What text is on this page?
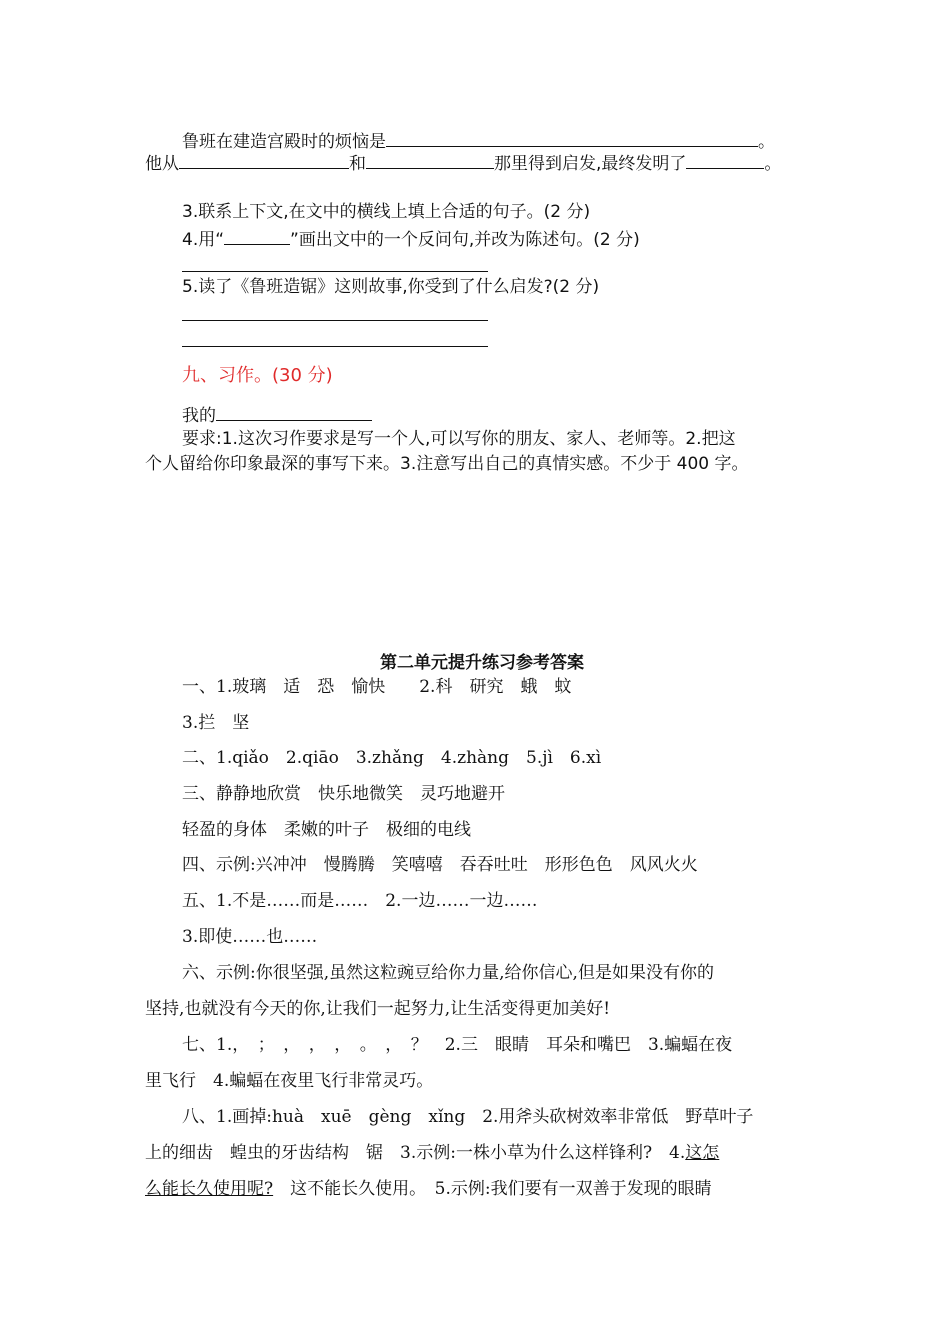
鲁班在建造宫殿时的烦恼是	。
他从	和	那里得到启发,最终发明了	。
3.联系上下文,在文中的横线上填上合适的句子。(2 分)
4.用“	”画出文中的一个反问句,并改为陈述句。(2 分)
5.读了《鲁班造锯》这则故事,你受到了什么启发?(2 分)
九、习作。(30 分)
我的
要求:1.这次习作要求是写一个人,可以写你的朋友、家人、老师等。2.把这
个人留给你印象最深的事写下来。3.注意写出自己的真情实感。不少于 400 字。
第二单元提升练习参考答案
一、1.玻璃　适　恐　愉快　　2.科　研究　蛾　蚊
3.拦　坚
二、1.qiǎo　2.qiāo　3.zhǎng　4.zhàng　5.jì　6.xì
三、静静地欣赏　快乐地微笑　灵巧地避开
轻盈的身体　柔嫩的叶子　极细的电线
四、示例:兴冲冲　慢腾腾　笑嘻嘻　吞吞吐吐　形形色色　风风火火
五、1.不是……而是……　2.一边……一边……
3.即使……也……
六、示例:你很坚强,虽然这粒豌豆给你力量,给你信心,但是如果没有你的
坚持,也就没有今天的你,让我们一起努力,让生活变得更加美好!
七、1.，　；　，　，　，　。　，　？　2.三　眼睛　耳朵和嘴巴　3.蝙蝠在夜
里飞行　4.蝙蝠在夜里飞行非常灵巧。
八、1.画掉:huà　xuē　gèng　xǐng　2.用斧头砍树效率非常低　野草叶子
上的细齿　蝗虫的牙齿结构　锯　3.示例:一株小草为什么这样锋利?　4.这怎
么能长久使用呢?　这不能长久使用。　5.示例:我们要有一双善于发现的眼睛
